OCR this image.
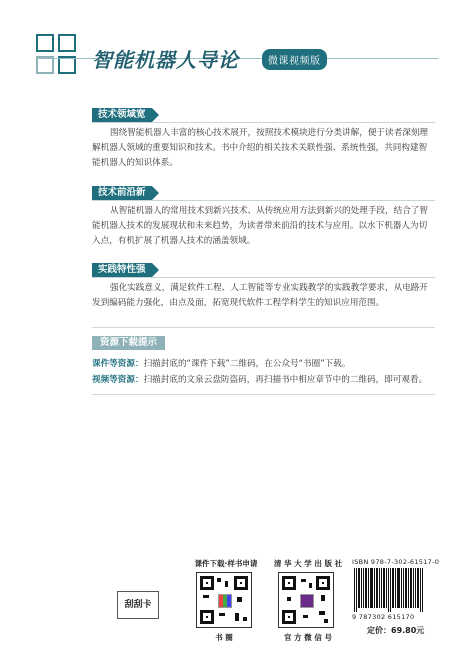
智能机器人导论	微课视频版
技术领域宽
围绕智能机器人丰富的核心技术展开，按照技术模块进行分类讲解，便于读者深刻理解机器人领域的重要知识和技术。书中介绍的相关技术关联性强、系统性强，共同构建智能机器人的知识体系。
技术前沿新
从智能机器人的常用技术到新兴技术、从传统应用方法到新兴的处理手段，结合了智能机器人技术的发展现状和未来趋势，为读者带来前沿的技术与应用。以水下机器人为切入点，有机扩展了机器人技术的涵盖领域。
实践特性强
强化实践意义，满足软件工程、人工智能等专业实践教学的实践教学要求，从电路开发到编码能力强化，由点及面，拓宽现代软件工程学科学生的知识应用范围。
资源下载提示
课件等资源：扫描封底的“课件下载”二维码，在公众号“书圈”下载。
视频等资源：扫描封底的文泉云盘防盗码，再扫描书中相应章节中的二维码，即可观看。
刮刮卡
课件下载·样书申请
书 圈
清 华 大 学 出 版 社
官 方 微 信 号
ISBN 978-7-302-61517-0
9 787302 615170
定价：69.80元
